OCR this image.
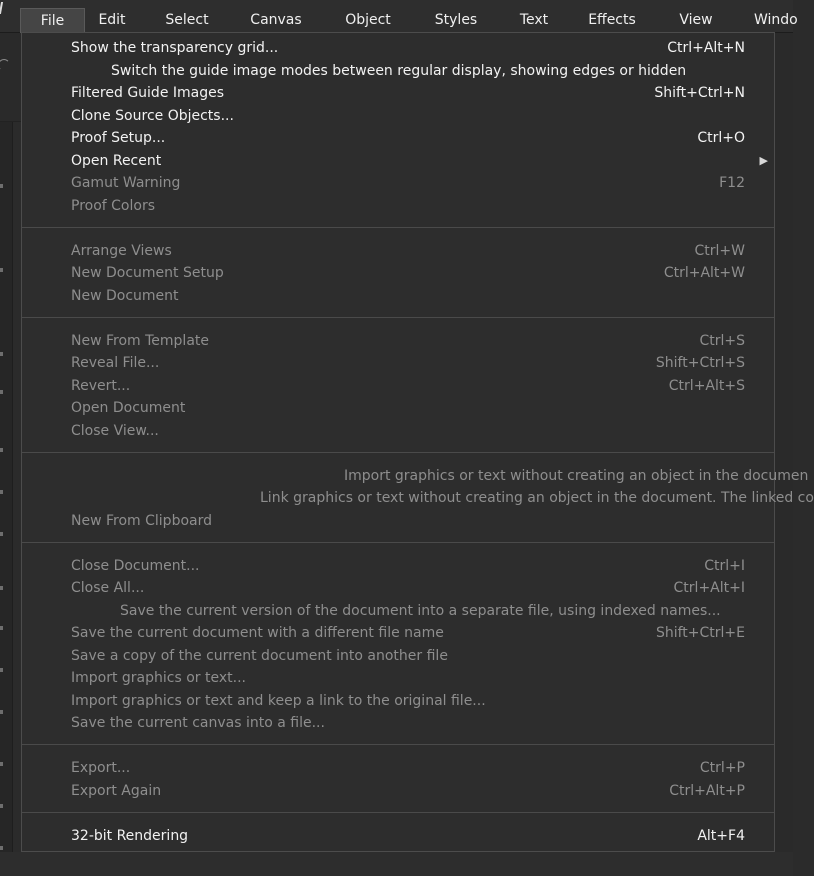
File	Edit	Select	Canvas	Object	Styles	Text	Effects	View	Windo
Show the transparency grid...	Ctrl+Alt+N
Switch the guide image modes between regular display, showing edges or hidden
Filtered Guide Images	Shift+Ctrl+N
Clone Source Objects...
Proof Setup...	Ctrl+O
Open Recent	▶
Gamut Warning	F12
Proof Colors
Arrange Views	Ctrl+W
New Document Setup	Ctrl+Alt+W
New Document
New From Template	Ctrl+S
Reveal File...	Shift+Ctrl+S
Revert...	Ctrl+Alt+S
Open Document
Close View...
Import graphics or text without creating an object in the documen
Link graphics or text without creating an object in the document. The linked co
New From Clipboard
Close Document...	Ctrl+I
Close All...	Ctrl+Alt+I
Save the current version of the document into a separate file, using indexed names...
Save the current document with a different file name	Shift+Ctrl+E
Save a copy of the current document into another file
Import graphics or text...
Import graphics or text and keep a link to the original file...
Save the current canvas into a file...
Export...	Ctrl+P
Export Again	Ctrl+Alt+P
32-bit Rendering	Alt+F4
